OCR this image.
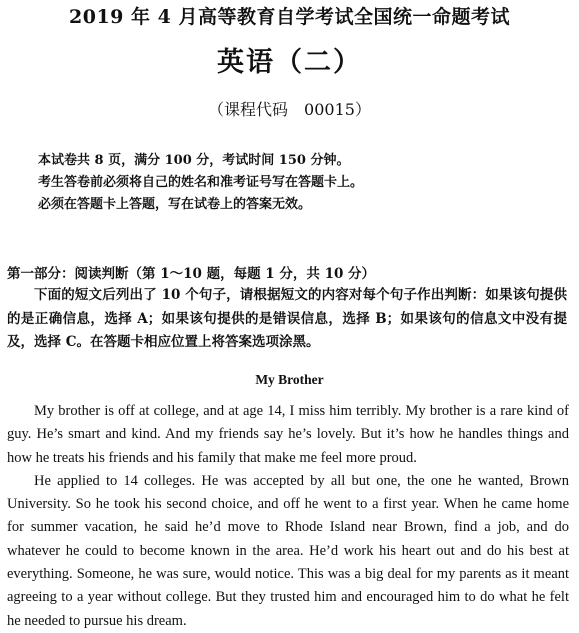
2019 年 4 月高等教育自学考试全国统一命题考试
英语（二）
（课程代码　00015）
本试卷共 8 页，满分 100 分，考试时间 150 分钟。
考生答卷前必须将自己的姓名和准考证号写在答题卡上。
必须在答题卡上答题，写在试卷上的答案无效。
第一部分：阅读判断（第 1～10 题，每题 1 分，共 10 分）
下面的短文后列出了 10 个句子，请根据短文的内容对每个句子作出判断：如果该句提供的是正确信息，选择 A；如果该句提供的是错误信息，选择 B；如果该句的信息文中没有提及，选择 C。在答题卡相应位置上将答案选项涂黑。
My Brother

My brother is off at college, and at age 14, I miss him terribly. My brother is a rare kind of guy. He’s smart and kind. And my friends say he’s lovely. But it’s how he handles things and how he treats his friends and his family that make me feel more proud.

He applied to 14 colleges. He was accepted by all but one, the one he wanted, Brown University. So he took his second choice, and off he went to a first year. When he came home for summer vacation, he said he’d move to Rhode Island near Brown, find a job, and do whatever he could to become known in the area. He’d work his heart out and do his best at everything. Someone, he was sure, would notice. This was a big deal for my parents as it meant agreeing to a year without college. But they trusted him and encouraged him to do what he felt he needed to pursue his dream.
